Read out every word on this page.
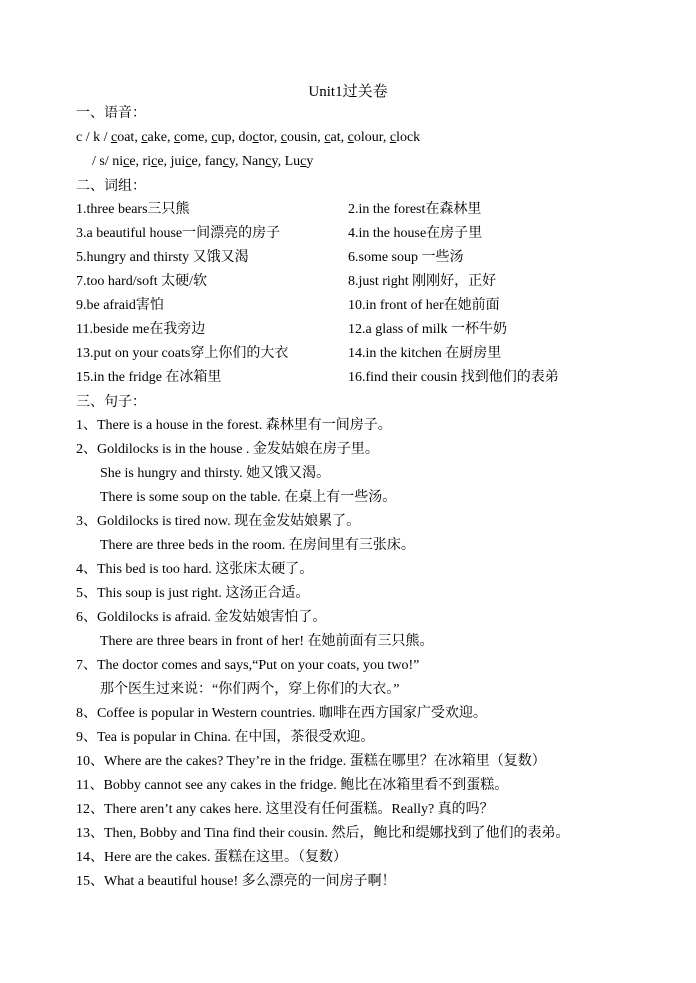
Unit1过关卷
一、语音：
c / k / coat, cake, come, cup, doctor, cousin, cat, colour, clock
/ s/ nice, rice, juice, fancy, Nancy, Lucy
二、词组：
1.three bears三只熊	2.in the forest在森林里
3.a beautiful house一间漂亮的房子	4.in the house在房子里
5.hungry and thirsty 又饿又渴	6.some soup 一些汤
7.too hard/soft 太硬/软	8.just right 刚刚好，正好
9.be afraid害怕	10.in front of her在她前面
11.beside me在我旁边	12.a glass of milk 一杯牛奶
13.put on your coats穿上你们的大衣	14.in the kitchen 在厨房里
15.in the fridge 在冰箱里	16.find their cousin 找到他们的表弟
三、句子：
1、There is a house in the forest. 森林里有一间房子。
2、Goldilocks is in the house . 金发姑娘在房子里。
She is hungry and thirsty. 她又饿又渴。
There is some soup on the table. 在桌上有一些汤。
3、Goldilocks is tired now. 现在金发姑娘累了。
There are three beds in the room. 在房间里有三张床。
4、This bed is too hard. 这张床太硬了。
5、This soup is just right. 这汤正合适。
6、Goldilocks is afraid. 金发姑娘害怕了。
There are three bears in front of her! 在她前面有三只熊。
7、The doctor comes and says,“Put on your coats, you two!”
那个医生过来说：“你们两个，穿上你们的大衣。”
8、Coffee is popular in Western countries. 咖啡在西方国家广受欢迎。
9、Tea is popular in China. 在中国，茶很受欢迎。
10、Where are the cakes? They’re in the fridge. 蛋糕在哪里？在冰箱里（复数）
11、Bobby cannot see any cakes in the fridge. 鲍比在冰箱里看不到蛋糕。
12、There aren’t any cakes here. 这里没有任何蛋糕。Really? 真的吗？
13、Then, Bobby and Tina find their cousin. 然后，鲍比和缇娜找到了他们的表弟。
14、Here are the cakes. 蛋糕在这里。（复数）
15、What a beautiful house! 多么漂亮的一间房子啊！
